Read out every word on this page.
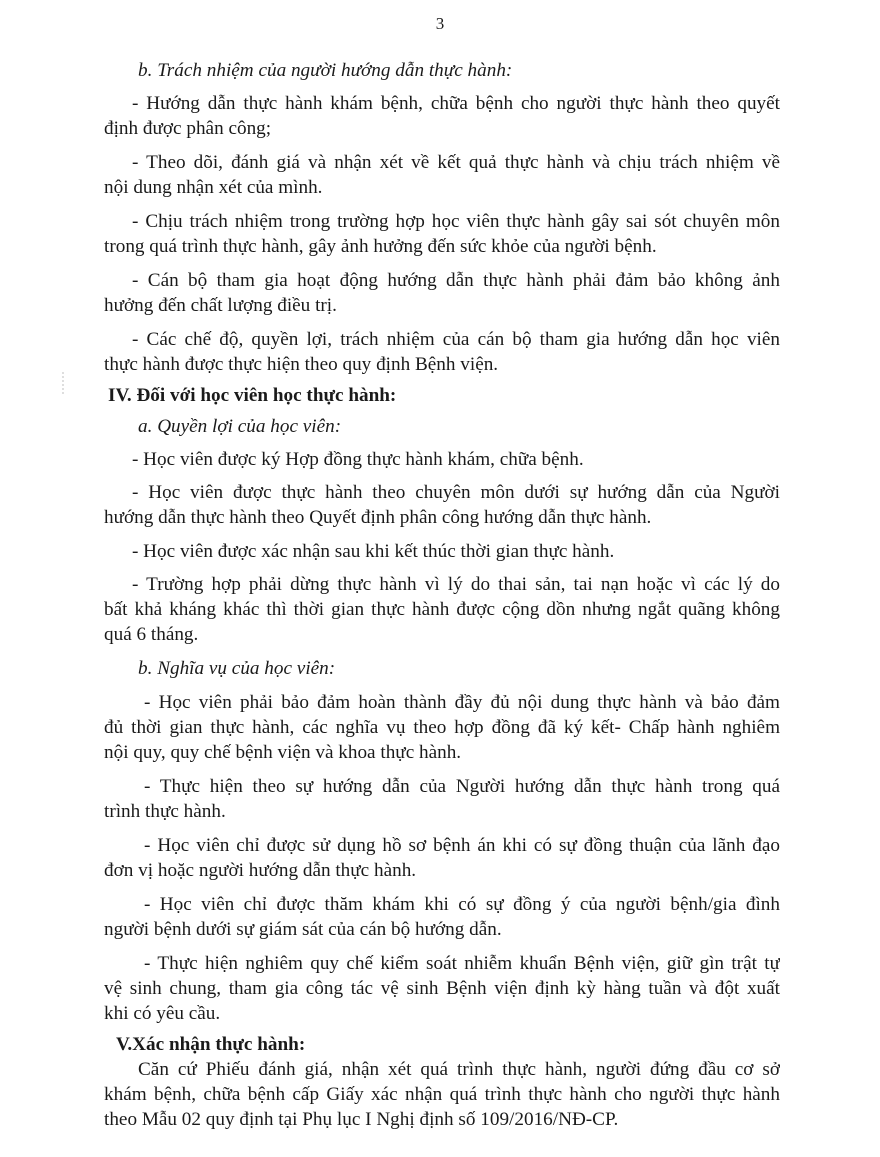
3
b. Trách nhiệm của người hướng dẫn thực hành:
- Hướng dẫn thực hành khám bệnh, chữa bệnh cho người thực hành theo quyết
định được phân công;
- Theo dõi, đánh giá và nhận xét về kết quả thực hành và chịu trách nhiệm về
nội dung nhận xét của mình.
- Chịu trách nhiệm trong trường hợp học viên thực hành gây sai sót chuyên môn
trong quá trình thực hành, gây ảnh hưởng đến sức khỏe của người bệnh.
- Cán bộ tham gia hoạt động hướng dẫn thực hành phải đảm bảo không ảnh
hưởng đến chất lượng điều trị.
- Các chế độ, quyền lợi, trách nhiệm của cán bộ tham gia hướng dẫn học viên
thực hành được thực hiện theo quy định Bệnh viện.
IV. Đối với học viên học thực hành:
a. Quyền lợi của học viên:
- Học viên được ký Hợp đồng thực hành khám, chữa bệnh.
- Học viên được thực hành theo chuyên môn dưới sự hướng dẫn của Người
hướng dẫn thực hành theo Quyết định phân công hướng dẫn thực hành.
- Học viên được xác nhận sau khi kết thúc thời gian thực hành.
- Trường hợp phải dừng thực hành vì lý do thai sản, tai nạn hoặc vì các lý do
bất khả kháng khác thì thời gian thực hành được cộng dồn nhưng ngắt quãng không
quá 6 tháng.
b. Nghĩa vụ của học viên:
- Học viên phải bảo đảm hoàn thành đầy đủ nội dung thực hành và bảo đảm
đủ thời gian thực hành, các nghĩa vụ theo hợp đồng đã ký kết- Chấp hành nghiêm
nội quy, quy chế bệnh viện và khoa thực hành.
- Thực hiện theo sự hướng dẫn của Người hướng dẫn thực hành trong quá
trình thực hành.
- Học viên chỉ được sử dụng hồ sơ bệnh án khi có sự đồng thuận của lãnh đạo
đơn vị hoặc người hướng dẫn thực hành.
- Học viên chỉ được thăm khám khi có sự đồng ý của người bệnh/gia đình
người bệnh dưới sự giám sát của cán bộ hướng dẫn.
- Thực hiện nghiêm quy chế kiểm soát nhiễm khuẩn Bệnh viện, giữ gìn trật tự
vệ sinh chung, tham gia công tác vệ sinh Bệnh viện định kỳ hàng tuần và đột xuất
khi có yêu cầu.
V.Xác nhận thực hành:
Căn cứ Phiếu đánh giá, nhận xét quá trình thực hành, người đứng đầu cơ sở
khám bệnh, chữa bệnh cấp Giấy xác nhận quá trình thực hành cho người thực hành
theo Mẫu 02 quy định tại Phụ lục I Nghị định số 109/2016/NĐ-CP.
